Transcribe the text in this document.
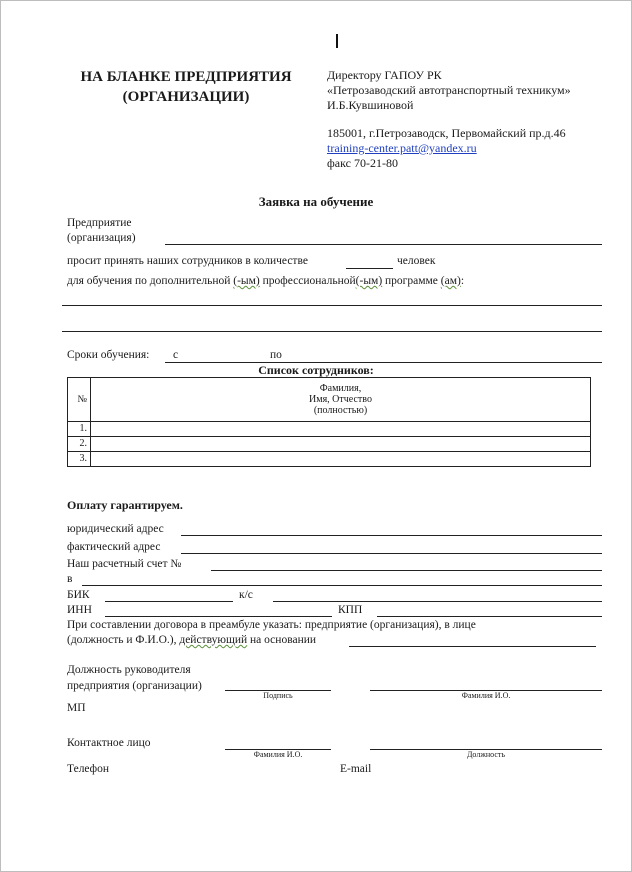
НА БЛАНКЕ ПРЕДПРИЯТИЯ
(ОРГАНИЗАЦИИ)
Директору ГАПОУ РК
«Петрозаводский автотранспортный техникум»
И.Б.Кувшиновой
185001, г.Петрозаводск, Первомайский пр.д.46
training-center.patt@yandex.ru
факс 70-21-80
Заявка на обучение
Предприятие
(организация)
просит принять наших сотрудников в количестве	человек
для обучения по дополнительной (-ым) профессиональной(-ым) программе (ам):
Сроки обучения: с	по
Список сотрудников:
№	Фамилия,
Имя, Отчество
(полностью)

1.	
2.	
3.	
Оплату гарантируем.
юридический адрес
фактический адрес
Наш расчетный счет №
в
БИК	к/с
ИНН	КПП
При составлении договора в преамбуле указать: предприятие (организация), в лице
(должность и Ф.И.О.), действующий на основании
Должность руководителя
предприятия (организации)
Подпись	Фамилия И.О.
МП
Контактное лицо
Фамилия И.О.	Должность
Телефон	E-mail
